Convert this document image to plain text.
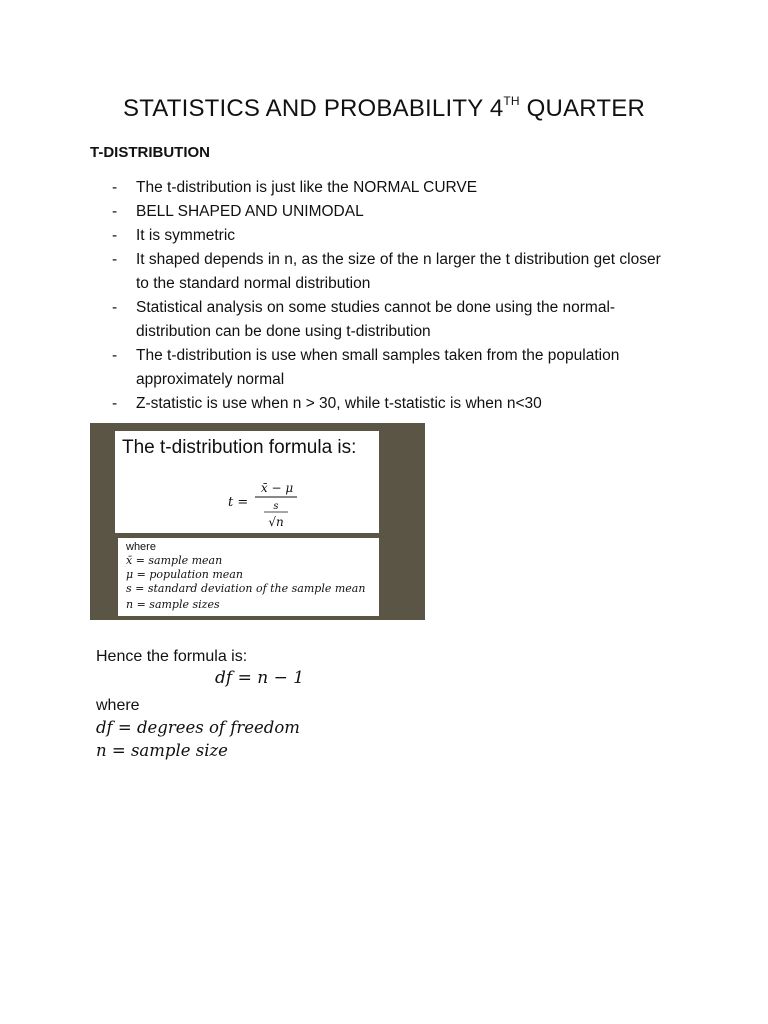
STATISTICS AND PROBABILITY 4TH QUARTER
T-DISTRIBUTION
- The t-distribution is just like the NORMAL CURVE
- BELL SHAPED AND UNIMODAL
- It is symmetric
- It shaped depends in n, as the size of the n larger the t distribution get closer to the standard normal distribution
- Statistical analysis on some studies cannot be done using the normal-distribution can be done using t-distribution
- The t-distribution is use when small samples taken from the population approximately normal
- Z-statistic is use when n > 30, while t-statistic is when n<30
The t-distribution formula is:
t =
x̄ − μ
s
√n
where
x̄ = sample mean
μ = population mean
s = standard deviation of the sample mean
n = sample sizes
Hence the formula is:
df = n − 1
where
df = degrees of freedom
n = sample size
